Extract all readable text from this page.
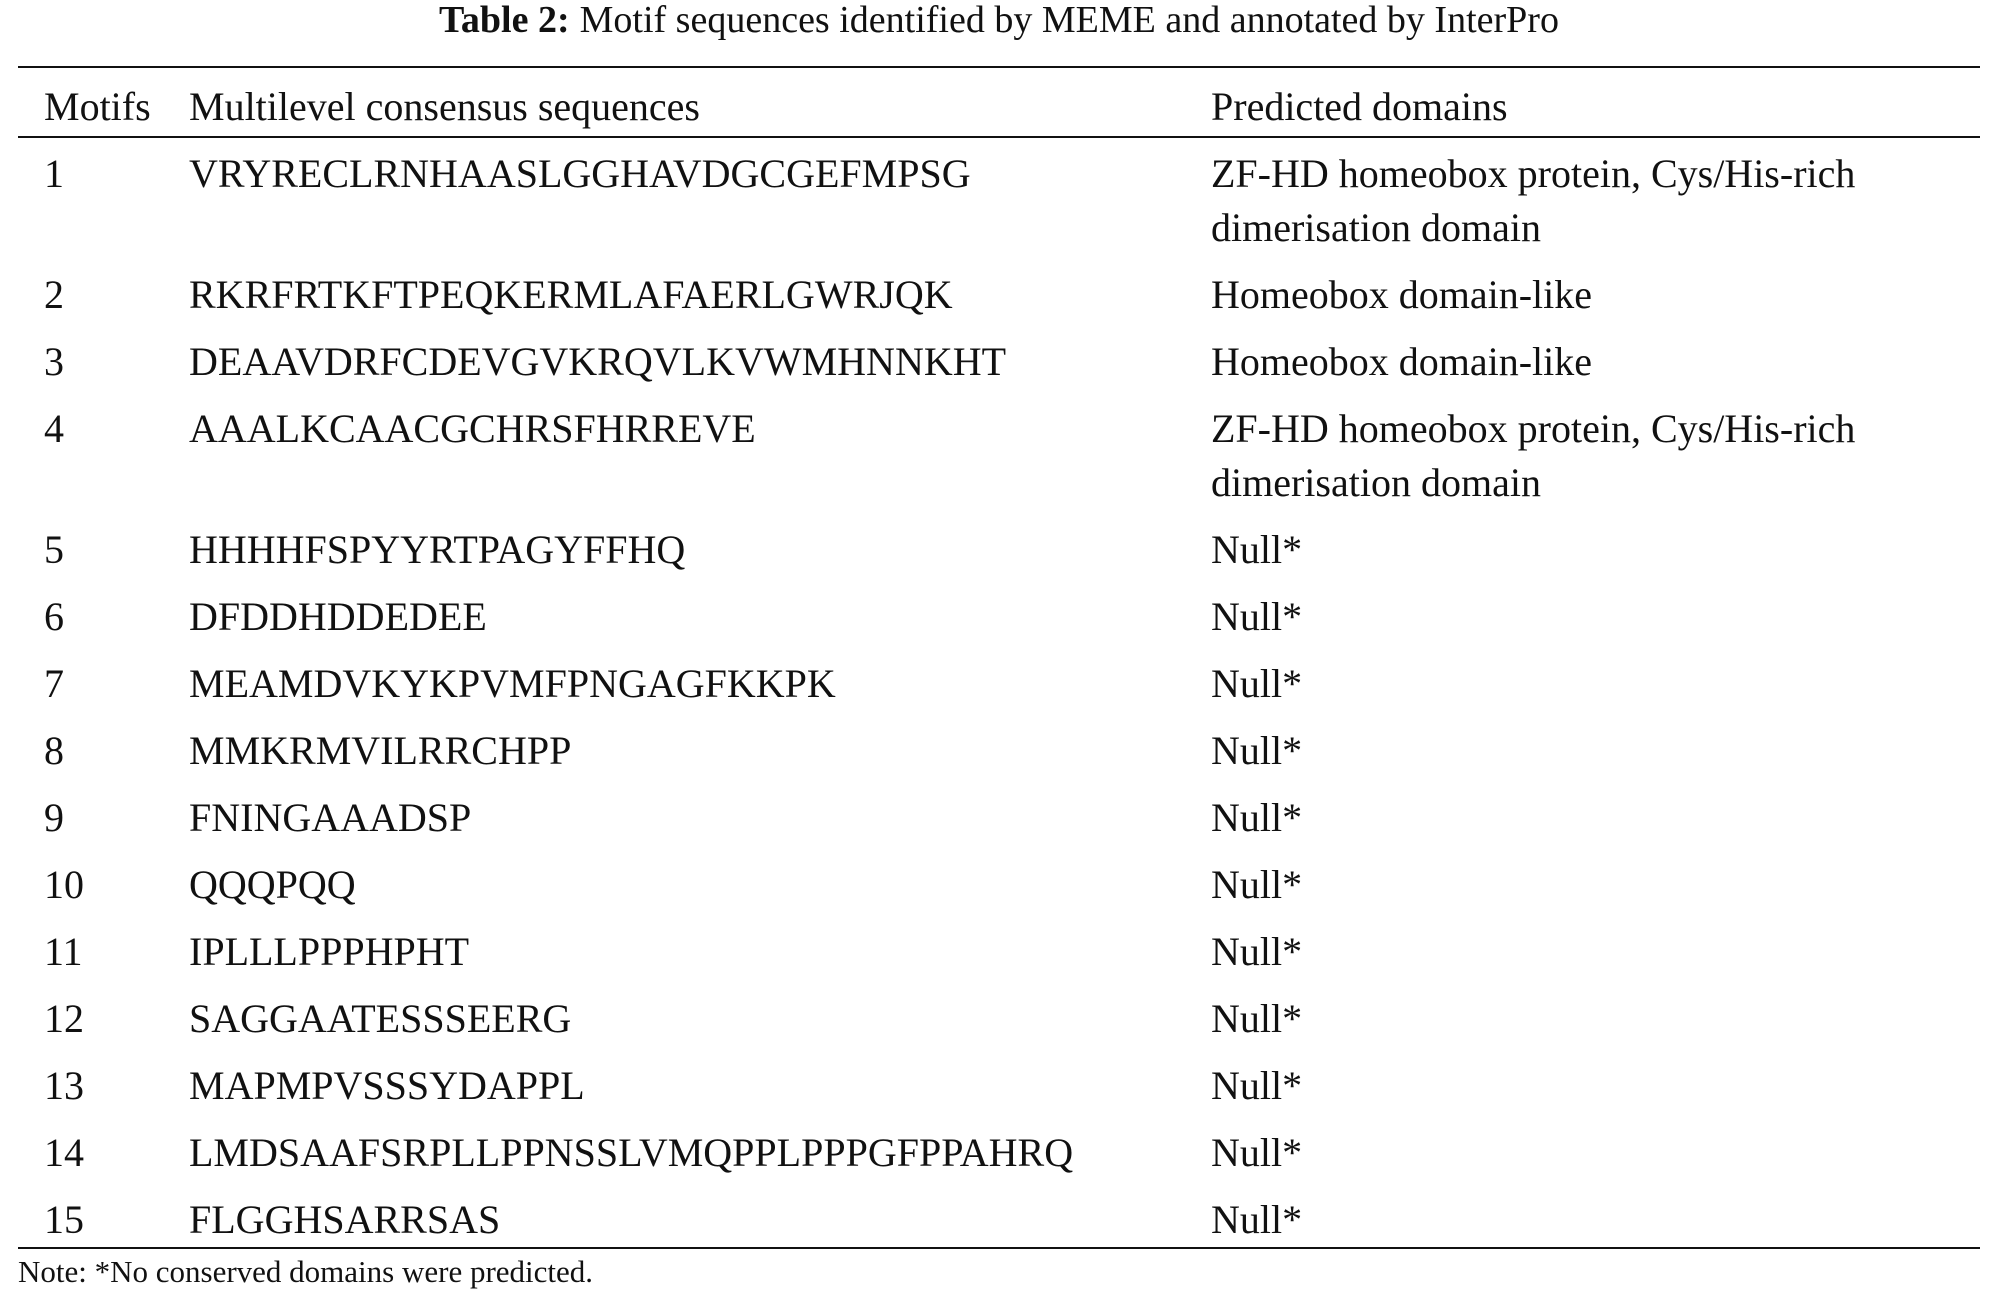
Table 2: Motif sequences identified by MEME and annotated by InterPro

Motifs	Multilevel consensus sequences	Predicted domains
1	VRYRECLRNHAASLGGHAVDGCGEFMPSG	ZF-HD homeobox protein, Cys/His-rich dimerisation domain
2	RKRFRTKFTPEQKERMLAFAERLGWRJQK	Homeobox domain-like
3	DEAAVDRFCDEVGVKRQVLKVWMHNNKHT	Homeobox domain-like
4	AAALKCAACGCHRSFHRREVE	ZF-HD homeobox protein, Cys/His-rich dimerisation domain
5	HHHHFSPYYRTPAGYFFHQ	Null*
6	DFDDHDDEDEE	Null*
7	MEAMDVKYKPVMFPNGAGFKKPK	Null*
8	MMKRMVILRRCHPP	Null*
9	FNINGAAADSP	Null*
10	QQQPQQ	Null*
11	IPLLLPPPHPHT	Null*
12	SAGGAATESSSEERG	Null*
13	MAPMPVSSSYDAPPL	Null*
14	LMDSAAFSRPLLPPNSSLVMQPPLPPPGFPPAHRQ	Null*
15	FLGGHSARRSAS	Null*
Note: *No conserved domains were predicted.
